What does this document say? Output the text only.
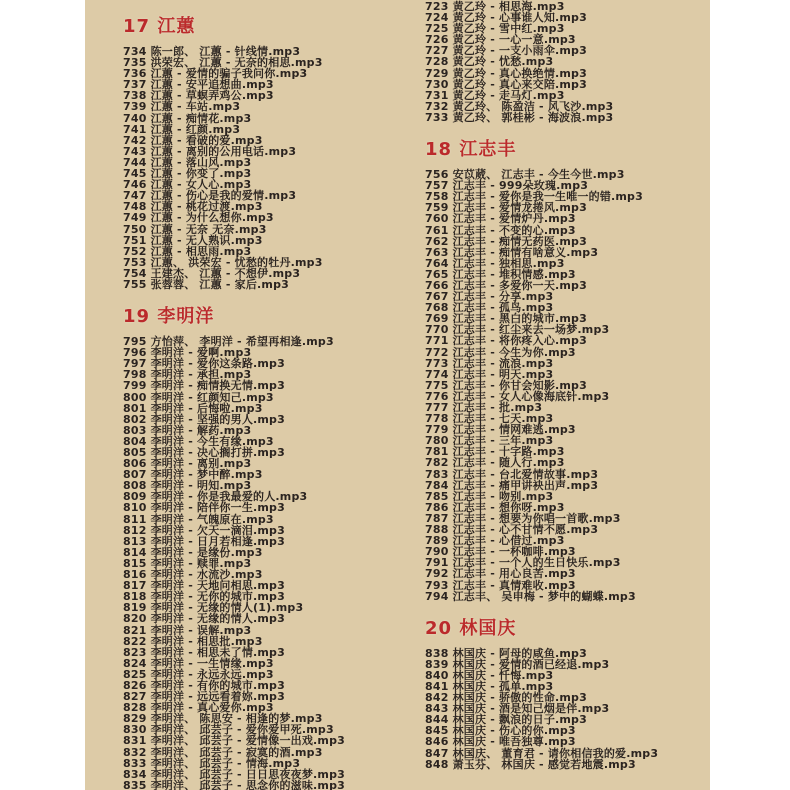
17 江蕙
734 陈一郎、 江蕙 - 针线情.mp3
735 洪荣宏、 江蕙 - 无奈的相思.mp3
736 江蕙 - 爱情的骗子我问你.mp3
737 江蕙 - 安平追想曲.mp3
738 江蕙 - 草螟弄鸡公.mp3
739 江蕙 - 车站.mp3
740 江蕙 - 痴情花.mp3
741 江蕙 - 红颜.mp3
742 江蕙 - 看破的爱.mp3
743 江蕙 - 离别的公用电话.mp3
744 江蕙 - 落山风.mp3
745 江蕙 - 你变了.mp3
746 江蕙 - 女人心.mp3
747 江蕙 - 伤心是我的爱情.mp3
748 江蕙 - 桃花过渡.mp3
749 江蕙 - 为什么想你.mp3
750 江蕙 - 无奈 无奈.mp3
751 江蕙 - 无人熟识.mp3
752 江蕙 - 相思雨.mp3
753 江蕙、 洪荣宏 - 忧愁的牡丹.mp3
754 王建杰、 江蕙 - 不想伊.mp3
755 张蓉蓉、 江蕙 - 家后.mp3
19 李明洋
795 方怡萍、 李明洋 - 希望再相逢.mp3
796 李明洋 - 爱啊.mp3
797 李明洋 - 爱你这条路.mp3
798 李明洋 - 承担.mp3
799 李明洋 - 痴情换无情.mp3
800 李明洋 - 红颜知己.mp3
801 李明洋 - 后悔啦.mp3
802 李明洋 - 坚强的男人.mp3
803 李明洋 - 解药.mp3
804 李明洋 - 今生有缘.mp3
805 李明洋 - 决心搁打拼.mp3
806 李明洋 - 离别.mp3
807 李明洋 - 梦中醉.mp3
808 李明洋 - 明知.mp3
809 李明洋 - 你是我最爱的人.mp3
810 李明洋 - 陪伴你一生.mp3
811 李明洋 - 气魄原在.mp3
812 李明洋 - 欠天一滴泪.mp3
813 李明洋 - 日月若相逢.mp3
814 李明洋 - 是缘份.mp3
815 李明洋 - 赎罪.mp3
816 李明洋 - 水流沙.mp3
817 李明洋 - 天地问相思.mp3
818 李明洋 - 无你的城市.mp3
819 李明洋 - 无缘的情人(1).mp3
820 李明洋 - 无缘的情人.mp3
821 李明洋 - 误解.mp3
822 李明洋 - 相思批.mp3
823 李明洋 - 相思未了情.mp3
824 李明洋 - 一生情缘.mp3
825 李明洋 - 永远永远.mp3
826 李明洋 - 有你的城市.mp3
827 李明洋 - 远远看着妳.mp3
828 李明洋 - 真心爱你.mp3
829 李明洋、 陈思安 - 相逢的梦.mp3
830 李明洋、 邱芸子 - 爱你爱甲死.mp3
831 李明洋、 邱芸子 - 爱情像一出戏.mp3
832 李明洋、 邱芸子 - 寂寞的酒.mp3
833 李明洋、 邱芸子 - 情海.mp3
834 李明洋、 邱芸子 - 日日思夜夜梦.mp3
835 李明洋、 邱芸子 - 思念你的滋味.mp3
723 黄乙玲 - 相思海.mp3
724 黄乙玲 - 心事谁人知.mp3
725 黄乙玲 - 雪中红.mp3
726 黄乙玲 - 一心一意.mp3
727 黄乙玲 - 一支小雨伞.mp3
728 黄乙玲 - 忧愁.mp3
729 黄乙玲 - 真心换绝情.mp3
730 黄乙玲 - 真心来交陪.mp3
731 黄乙玲 - 走马灯.mp3
732 黄乙玲、 陈盈洁 - 风飞沙.mp3
733 黄乙玲、 郭桂彬 - 海波浪.mp3
18 江志丰
756 安苡葳、 江志丰 - 今生今世.mp3
757 江志丰 - 999朵玫瑰.mp3
758 江志丰 - 爱你是我一生唯一的错.mp3
759 江志丰 - 爱情龙捲风.mp3
760 江志丰 - 爱情炉丹.mp3
761 江志丰 - 不变的心.mp3
762 江志丰 - 痴情无药医.mp3
763 江志丰 - 痴情有啥意义.mp3
764 江志丰 - 独相思.mp3
765 江志丰 - 堆积情感.mp3
766 江志丰 - 多爱你一天.mp3
767 江志丰 - 分享.mp3
768 江志丰 - 孤鸟.mp3
769 江志丰 - 黑白的城市.mp3
770 江志丰 - 红尘来去一场梦.mp3
771 江志丰 - 将你疼入心.mp3
772 江志丰 - 今生为你.mp3
773 江志丰 - 流浪.mp3
774 江志丰 - 明天.mp3
775 江志丰 - 你甘会知影.mp3
776 江志丰 - 女人心像海底针.mp3
777 江志丰 - 批.mp3
778 江志丰 - 七天.mp3
779 江志丰 - 情网难逃.mp3
780 江志丰 - 三年.mp3
781 江志丰 - 十字路.mp3
782 江志丰 - 随人行.mp3
783 江志丰 - 台北爱情故事.mp3
784 江志丰 - 痛甲讲袂出声.mp3
785 江志丰 - 吻别.mp3
786 江志丰 - 想你呀.mp3
787 江志丰 - 想要为你唱一首歌.mp3
788 江志丰 - 心不甘情不愿.mp3
789 江志丰 - 心借过.mp3
790 江志丰 - 一杯咖啡.mp3
791 江志丰 - 一个人的生日快乐.mp3
792 江志丰 - 用心良苦.mp3
793 江志丰 - 真情难收.mp3
794 江志丰、 吴申梅 - 梦中的蝴蝶.mp3
20 林国庆
838 林国庆 - 阿母的咸鱼.mp3
839 林国庆 - 爱情的酒已经退.mp3
840 林国庆 - 忏悔.mp3
841 林国庆 - 孤单.mp3
842 林国庆 - 骄傲的性命.mp3
843 林国庆 - 酒是知己烟是伴.mp3
844 林国庆 - 飘浪的日子.mp3
845 林国庆 - 伤心的你.mp3
846 林国庆 - 唯吾独尊.mp3
847 林国庆、 董育君 - 请你相信我的爱.mp3
848 萧玉芬、 林国庆 - 感觉若地震.mp3
